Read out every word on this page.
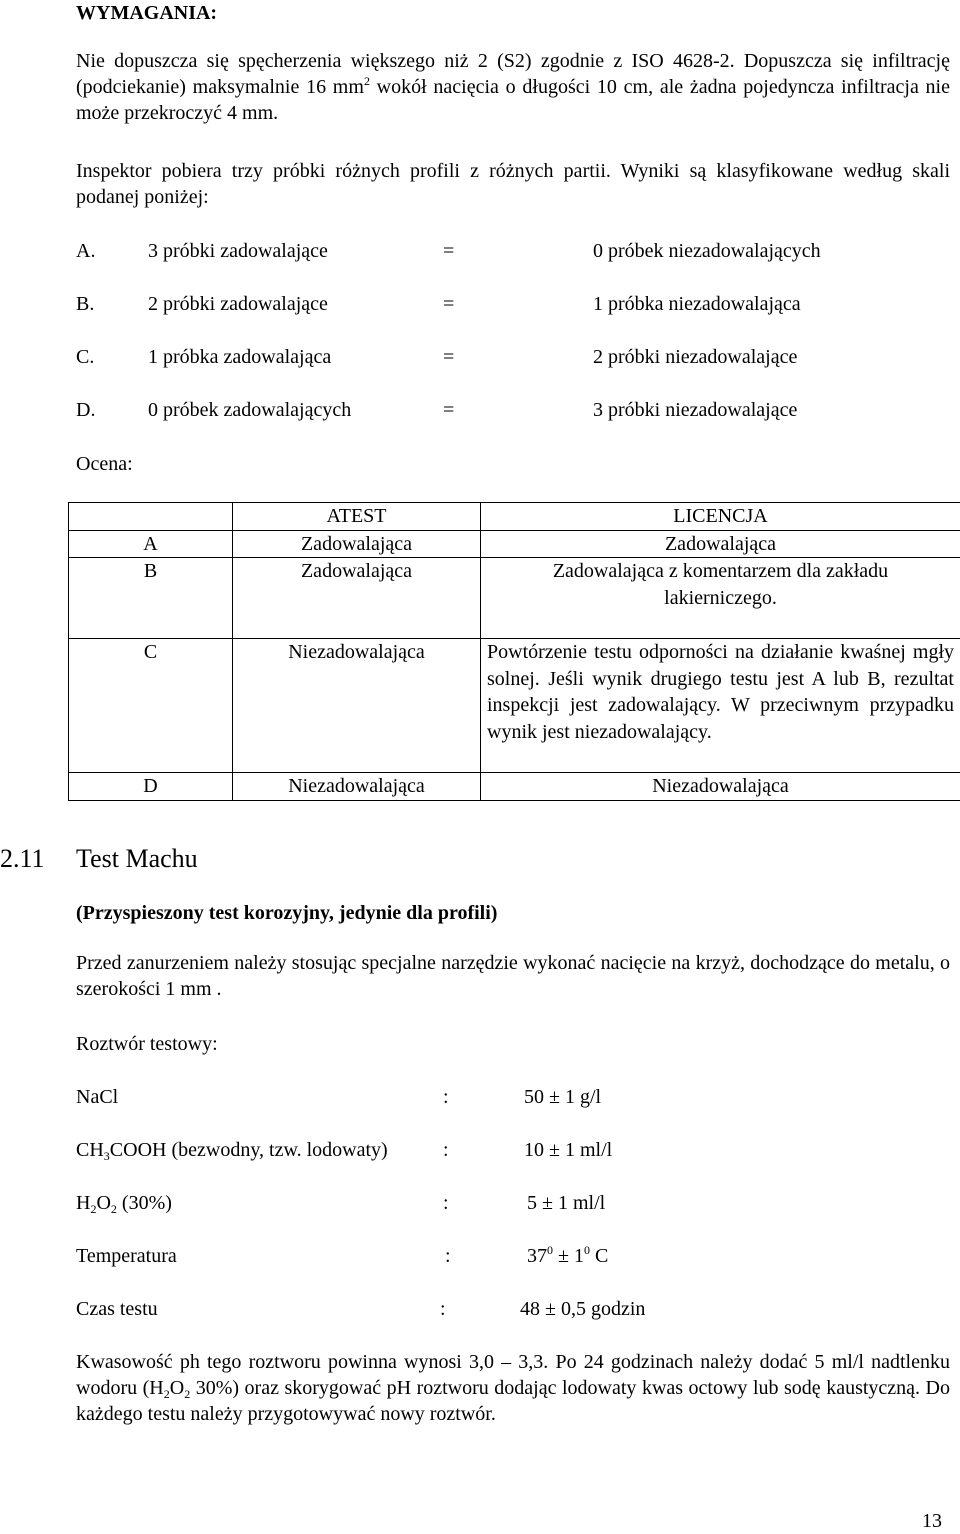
WYMAGANIA:
Nie dopuszcza się spęcherzenia większego niż 2 (S2) zgodnie z ISO 4628-2. Dopuszcza się infiltrację (podciekanie) maksymalnie 16 $mm^2$ wokół nacięcia o długości 10 cm, ale żadna pojedyncza infiltracja nie może przekroczyć 4 mm.
Inspektor pobiera trzy próbki różnych profili z różnych partii. Wyniki są klasyfikowane według skali podanej poniżej:
A.	3 próbki zadowalające	=	0 próbek niezadowalających
B.	2 próbki zadowalające	=	1 próbka niezadowalająca
C.	1 próbka zadowalająca	=	2 próbki niezadowalające
D.	0 próbek zadowalających	=	3 próbki niezadowalające
Ocena:
	ATEST	LICENCJA
A	Zadowalająca	Zadowalająca
B	Zadowalająca	Zadowalająca z komentarzem dla zakładu lakierniczego.
C	Niezadowalająca	Powtórzenie testu odporności na działanie kwaśnej mgły solnej. Jeśli wynik drugiego testu jest A lub B, rezultat inspekcji jest zadowalający. W przeciwnym przypadku wynik jest niezadowalający.
D	Niezadowalająca	Niezadowalająca
2.11 Test Machu
(Przyspieszony test korozyjny, jedynie dla profili)
Przed zanurzeniem należy stosując specjalne narzędzie wykonać nacięcie na krzyż, dochodzące do metalu, o szerokości 1 mm .
Roztwór testowy:
NaCl	:	50 ± 1 g/l
$CH_3COOH$ (bezwodny, tzw. lodowaty)	:	10 ± 1 ml/l
$H_2O_2$ (30%)	:	5 ± 1 ml/l
Temperatura	:	$37^0 \pm 1^0$ C
Czas testu	:	48 ± 0,5 godzin
Kwasowość ph tego roztworu powinna wynosi 3,0 – 3,3. Po 24 godzinach należy dodać 5 ml/l nadtlenku wodoru ($H_2O_2$ 30%) oraz skorygować pH roztworu dodając lodowaty kwas octowy lub sodę kaustyczną. Do każdego testu należy przygotowywać nowy roztwór.
13
